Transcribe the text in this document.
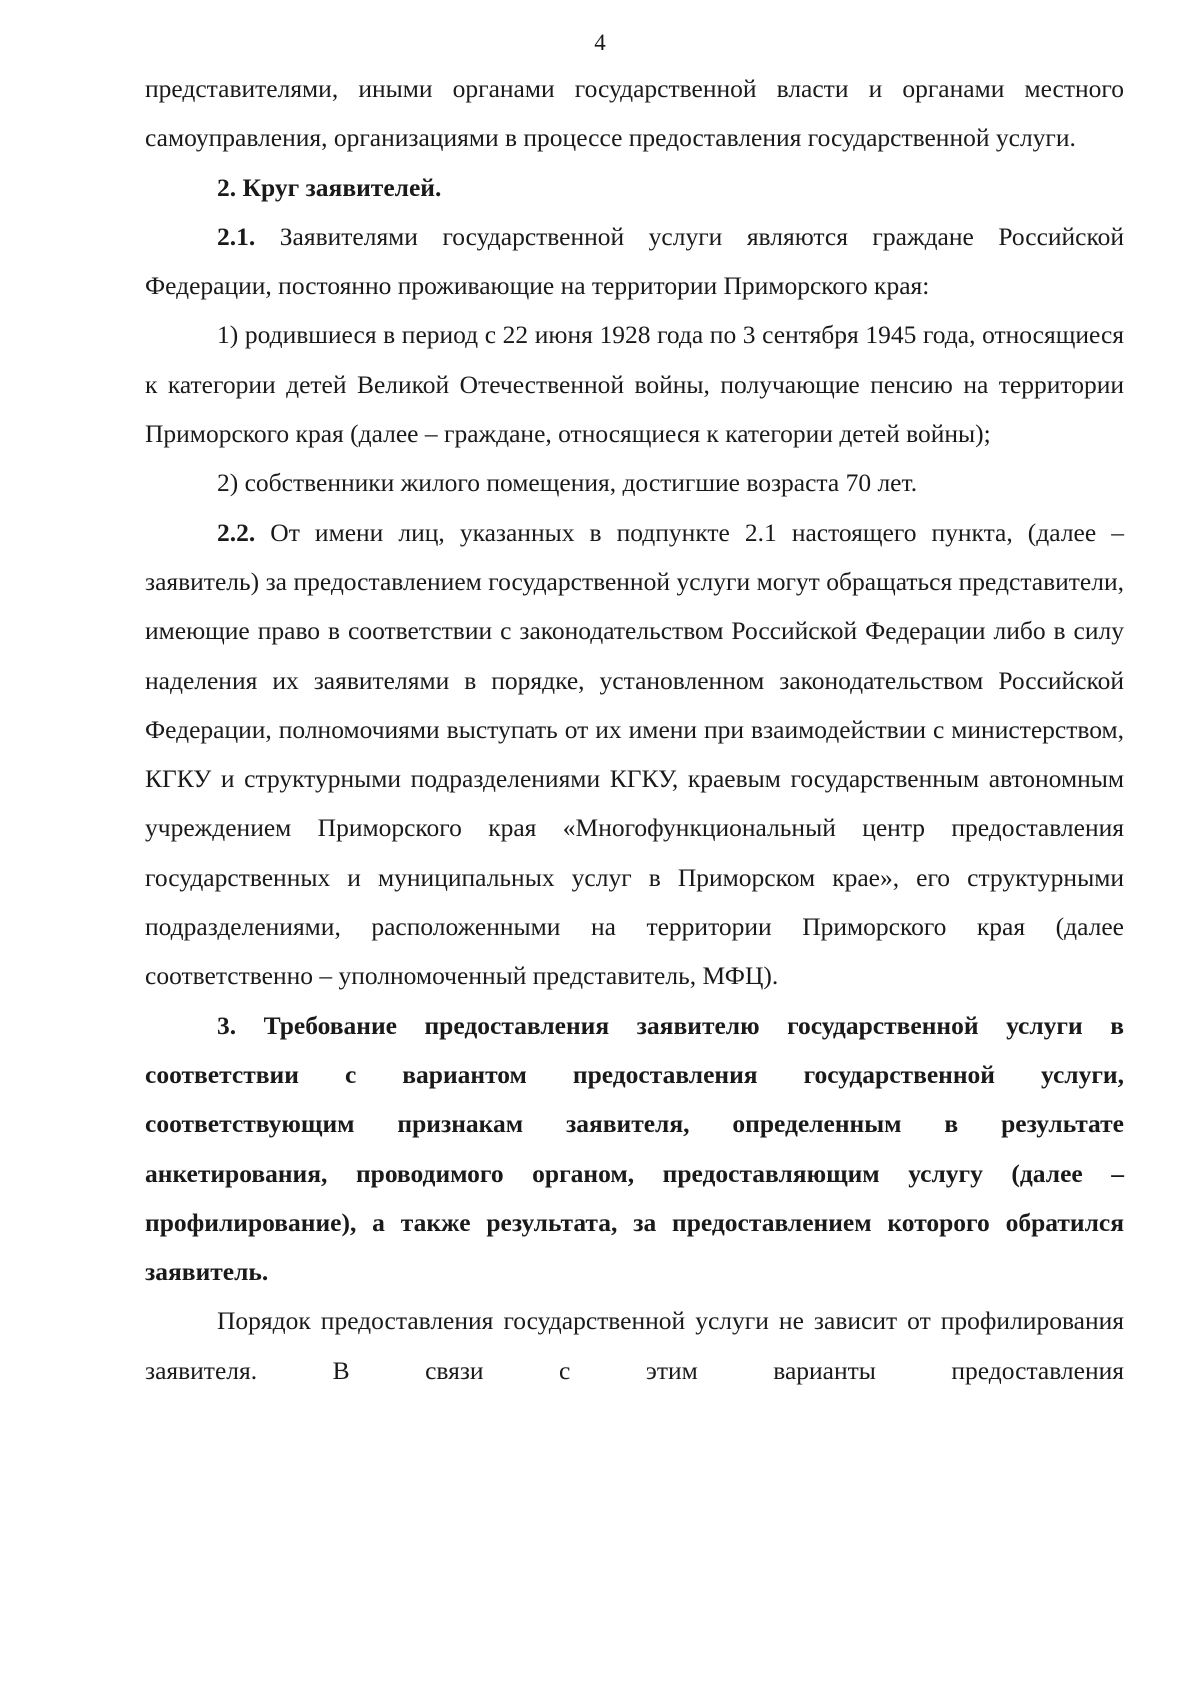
4

представителями, иными органами государственной власти и органами местного самоуправления, организациями в процессе предоставления государственной услуги.

2. Круг заявителей.

2.1. Заявителями государственной услуги являются граждане Российской Федерации, постоянно проживающие на территории Приморского края:

1) родившиеся в период с 22 июня 1928 года по 3 сентября 1945 года, относящиеся к категории детей Великой Отечественной войны, получающие пенсию на территории Приморского края (далее – граждане, относящиеся к категории детей войны);

2) собственники жилого помещения, достигшие возраста 70 лет.

2.2. От имени лиц, указанных в подпункте 2.1 настоящего пункта, (далее – заявитель) за предоставлением государственной услуги могут обращаться представители, имеющие право в соответствии с законодательством Российской Федерации либо в силу наделения их заявителями в порядке, установленном законодательством Российской Федерации, полномочиями выступать от их имени при взаимодействии с министерством, КГКУ и структурными подразделениями КГКУ, краевым государственным автономным учреждением Приморского края «Многофункциональный центр предоставления государственных и муниципальных услуг в Приморском крае», его структурными подразделениями, расположенными на территории Приморского края (далее соответственно – уполномоченный представитель, МФЦ).

3. Требование предоставления заявителю государственной услуги в соответствии с вариантом предоставления государственной услуги, соответствующим признакам заявителя, определенным в результате анкетирования, проводимого органом, предоставляющим услугу (далее – профилирование), а также результата, за предоставлением которого обратился заявитель.

Порядок предоставления государственной услуги не зависит от профилирования заявителя. В связи с этим варианты предоставления
